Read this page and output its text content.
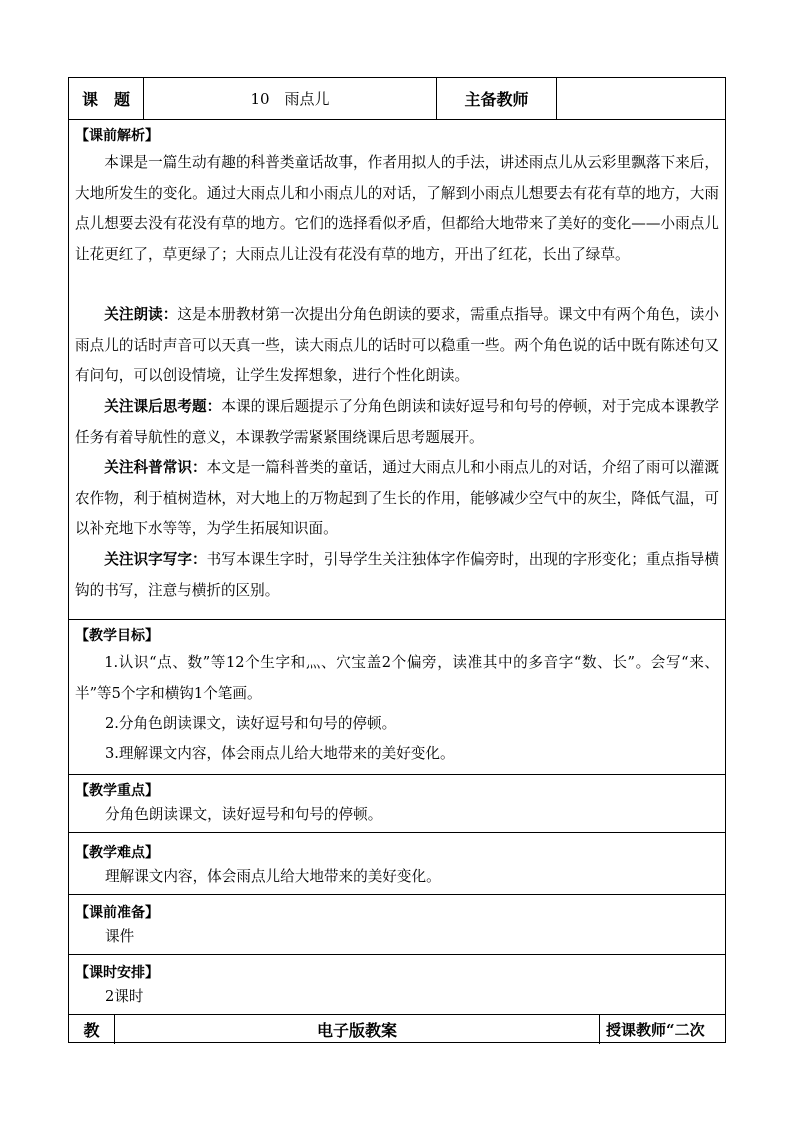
课　题	10　雨点儿	主备教师
【课前解析】

本课是一篇生动有趣的科普类童话故事，作者用拟人的手法，讲述雨点儿从云彩里飘落下来后，大地所发生的变化。通过大雨点儿和小雨点儿的对话，了解到小雨点儿想要去有花有草的地方，大雨点儿想要去没有花没有草的地方。它们的选择看似矛盾，但都给大地带来了美好的变化——小雨点儿让花更红了，草更绿了；大雨点儿让没有花没有草的地方，开出了红花，长出了绿草。

关注朗读：这是本册教材第一次提出分角色朗读的要求，需重点指导。课文中有两个角色，读小雨点儿的话时声音可以天真一些，读大雨点儿的话时可以稳重一些。两个角色说的话中既有陈述句又有问句，可以创设情境，让学生发挥想象，进行个性化朗读。

关注课后思考题：本课的课后题提示了分角色朗读和读好逗号和句号的停顿，对于完成本课教学任务有着导航性的意义，本课教学需紧紧围绕课后思考题展开。

关注科普常识：本文是一篇科普类的童话，通过大雨点儿和小雨点儿的对话，介绍了雨可以灌溉农作物，利于植树造林，对大地上的万物起到了生长的作用，能够减少空气中的灰尘，降低气温，可以补充地下水等等，为学生拓展知识面。

关注识字写字：书写本课生字时，引导学生关注独体字作偏旁时，出现的字形变化；重点指导横钩的书写，注意与横折的区别。

【教学目标】

1.认识“点、数”等12个生字和灬、穴宝盖2个偏旁，读准其中的多音字“数、长”。会写“来、半”等5个字和横钩1个笔画。

2.分角色朗读课文，读好逗号和句号的停顿。

3.理解课文内容，体会雨点儿给大地带来的美好变化。

【教学重点】

分角色朗读课文，读好逗号和句号的停顿。

【教学难点】

理解课文内容，体会雨点儿给大地带来的美好变化。

【课前准备】

课件

【课时安排】

2课时

教	电子版教案	授课教师“二次
